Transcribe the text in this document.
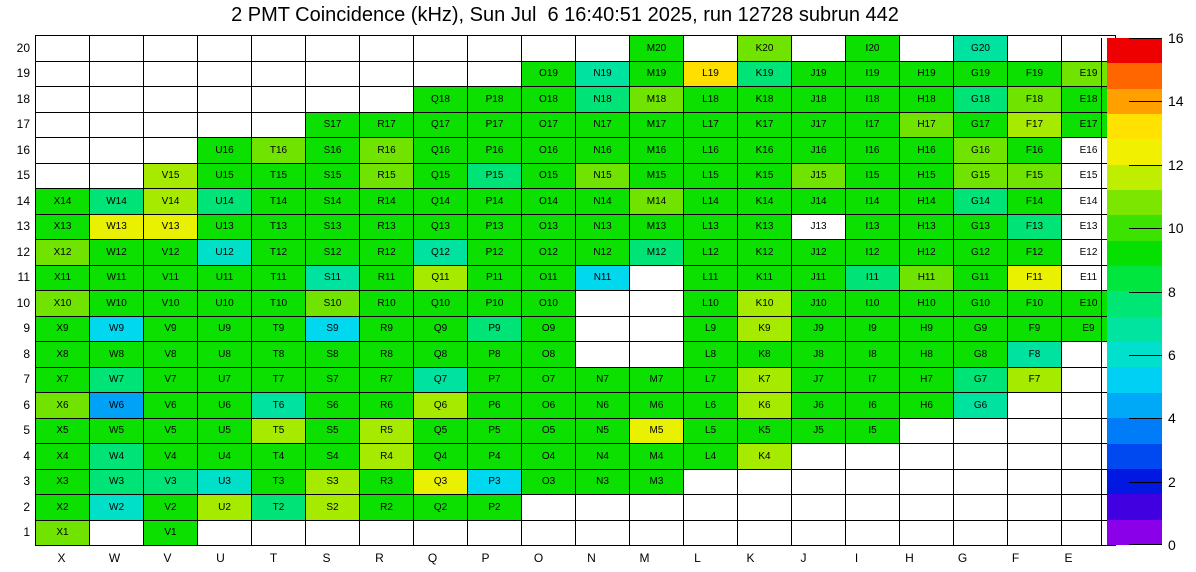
2 PMT Coincidence (kHz), Sun Jul  6 16:40:51 2025, run 12728 subrun 442
											M20		K20		I20		G20		
									O19	N19	M19	L19	K19	J19	I19	H19	G19	F19	E19
							Q18	P18	O18	N18	M18	L18	K18	J18	I18	H18	G18	F18	E18
					S17	R17	Q17	P17	O17	N17	M17	L17	K17	J17	I17	H17	G17	F17	E17
			U16	T16	S16	R16	Q16	P16	O16	N16	M16	L16	K16	J16	I16	H16	G16	F16	E16
		V15	U15	T15	S15	R15	Q15	P15	O15	N15	M15	L15	K15	J15	I15	H15	G15	F15	E15
X14	W14	V14	U14	T14	S14	R14	Q14	P14	O14	N14	M14	L14	K14	J14	I14	H14	G14	F14	E14
X13	W13	V13	U13	T13	S13	R13	Q13	P13	O13	N13	M13	L13	K13	J13	I13	H13	G13	F13	E13
X12	W12	V12	U12	T12	S12	R12	Q12	P12	O12	N12	M12	L12	K12	J12	I12	H12	G12	F12	E12
X11	W11	V11	U11	T11	S11	R11	Q11	P11	O11	N11		L11	K11	J11	I11	H11	G11	F11	E11
X10	W10	V10	U10	T10	S10	R10	Q10	P10	O10			L10	K10	J10	I10	H10	G10	F10	E10
X9	W9	V9	U9	T9	S9	R9	Q9	P9	O9			L9	K9	J9	I9	H9	G9	F9	E9
X8	W8	V8	U8	T8	S8	R8	Q8	P8	O8			L8	K8	J8	I8	H8	G8	F8	
X7	W7	V7	U7	T7	S7	R7	Q7	P7	O7	N7	M7	L7	K7	J7	I7	H7	G7	F7	
X6	W6	V6	U6	T6	S6	R6	Q6	P6	O6	N6	M6	L6	K6	J6	I6	H6	G6		
X5	W5	V5	U5	T5	S5	R5	Q5	P5	O5	N5	M5	L5	K5	J5	I5				
X4	W4	V4	U4	T4	S4	R4	Q4	P4	O4	N4	M4	L4	K4						
X3	W3	V3	U3	T3	S3	R3	Q3	P3	O3	N3	M3								
X2	W2	V2	U2	T2	S2	R2	Q2	P2											
X1		V1																	
20
19
18
17
16
15
14
13
12
11
10
9
8
7
6
5
4
3
2
1
X	W	V	U	T	S	R	Q	P	O	N	M	L	K	J	I	H	G	F	E
0
2
4
6
8
10
12
14
16
